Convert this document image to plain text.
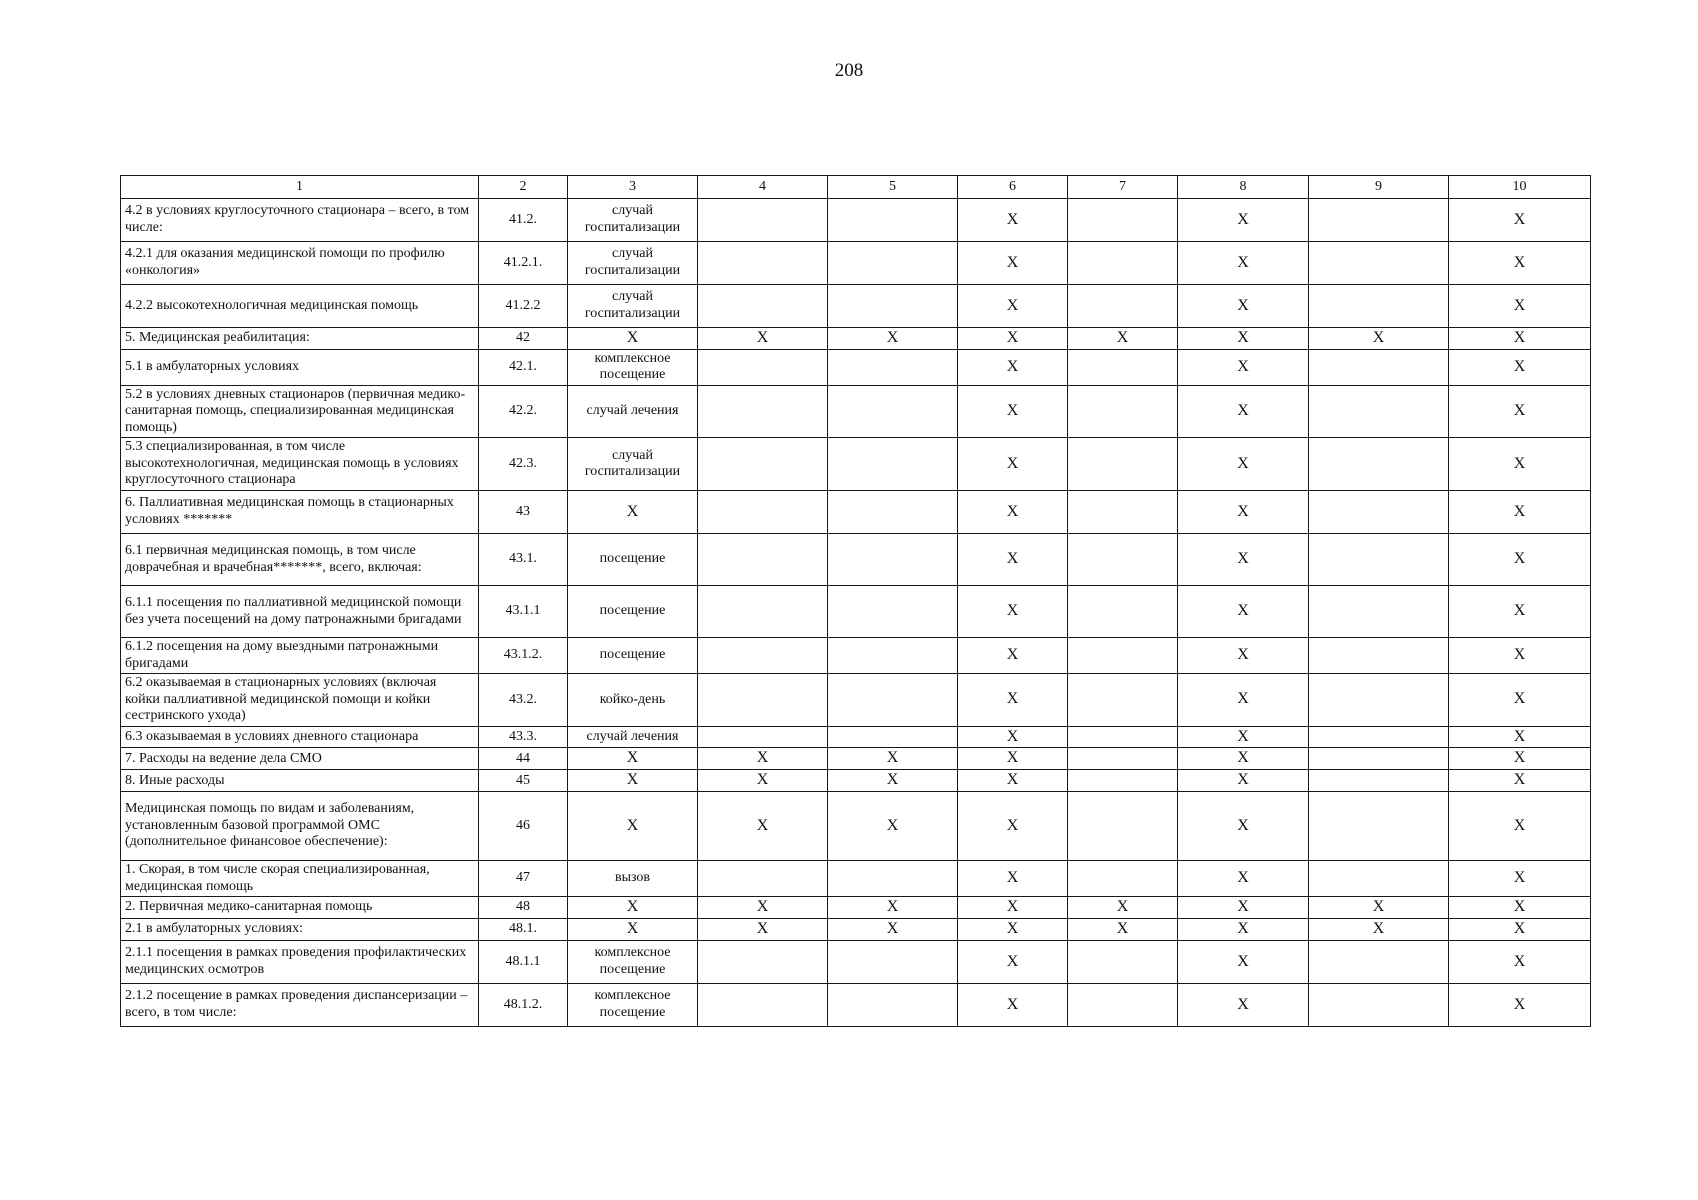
208
1	2	3	4	5	6	7	8	9	10
4.2 в условиях круглосуточного стационара – всего, в том числе:	41.2.	случай госпитализации			X		X		X
4.2.1 для оказания медицинской помощи по профилю «онкология»	41.2.1.	случай госпитализации			X		X		X
4.2.2 высокотехнологичная медицинская помощь	41.2.2	случай госпитализации			X		X		X
5. Медицинская реабилитация:	42	X	X	X	X	X	X	X	X
5.1 в амбулаторных условиях	42.1.	комплексное посещение			X		X		X
5.2 в условиях дневных стационаров (первичная медико-санитарная помощь, специализированная медицинская помощь)	42.2.	случай лечения			X		X		X
5.3 специализированная, в том числе высокотехнологичная, медицинская помощь в условиях круглосуточного стационара	42.3.	случай госпитализации			X		X		X
6. Паллиативная медицинская помощь в стационарных условиях *******	43	X			X		X		X
6.1 первичная медицинская помощь, в том числе доврачебная и врачебная*******, всего, включая:	43.1.	посещение			X		X		X
6.1.1 посещения по паллиативной медицинской помощи без учета посещений на дому патронажными бригадами	43.1.1	посещение			X		X		X
6.1.2 посещения на дому выездными патронажными бригадами	43.1.2.	посещение			X		X		X
6.2 оказываемая в стационарных условиях (включая койки паллиативной медицинской помощи и койки сестринского ухода)	43.2.	койко-день			X		X		X
6.3 оказываемая в условиях дневного стационара	43.3.	случай лечения			X		X		X
7. Расходы на ведение дела СМО	44	X	X	X	X		X		X
8. Иные расходы	45	X	X	X	X		X		X
Медицинская помощь по видам и заболеваниям, установленным базовой программой ОМС (дополнительное финансовое обеспечение):	46	X	X	X	X		X		X
1. Скорая, в том числе скорая специализированная, медицинская помощь	47	вызов			X		X		X
2. Первичная медико-санитарная помощь	48	X	X	X	X	X	X	X	X
2.1 в амбулаторных условиях:	48.1.	X	X	X	X	X	X	X	X
2.1.1 посещения в рамках проведения профилактических медицинских осмотров	48.1.1	комплексное посещение			X		X		X
2.1.2 посещение в рамках проведения диспансеризации – всего, в том числе:	48.1.2.	комплексное посещение			X		X		X
